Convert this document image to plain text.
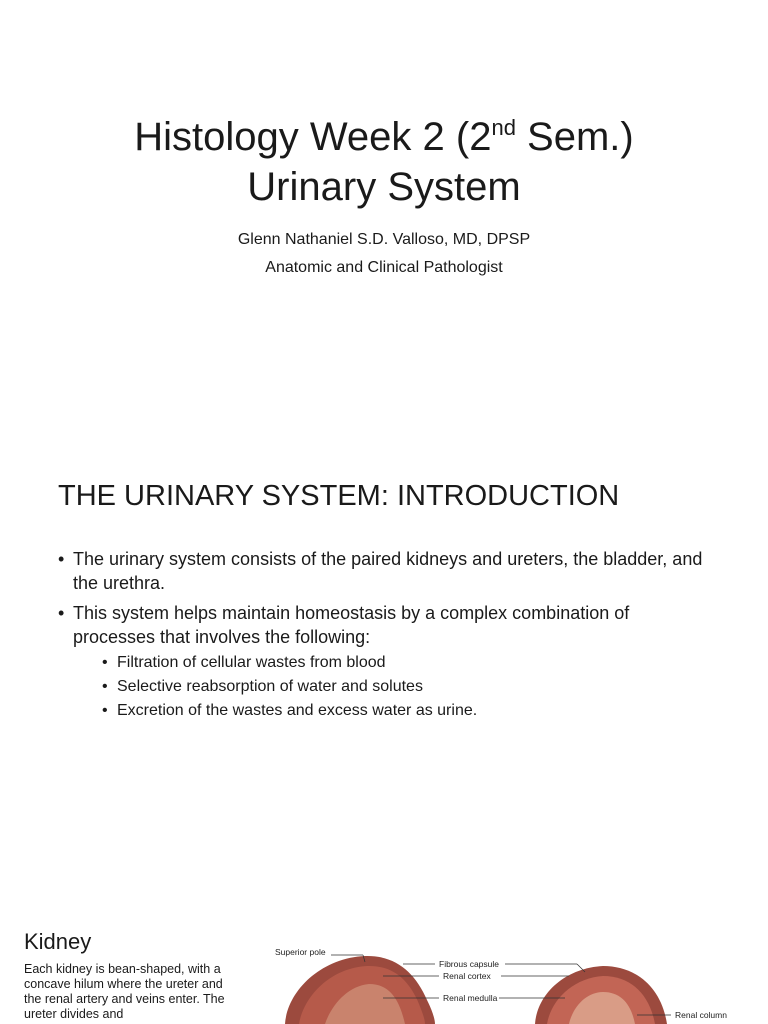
Histology Week 2 (2nd Sem.)
Urinary System
Glenn Nathaniel S.D. Valloso, MD, DPSP
Anatomic and Clinical Pathologist
THE URINARY SYSTEM: INTRODUCTION
• The urinary system consists of the paired kidneys and ureters, the bladder, and the urethra.
• This system helps maintain homeostasis by a complex combination of processes that involves the following:
• Filtration of cellular wastes from blood
• Selective reabsorption of water and solutes
• Excretion of the wastes and excess water as urine.
Kidney

Each kidney is bean-shaped, with a concave hilum where the ureter and the renal artery and veins enter. The ureter divides and

Superior pole
Fibrous capsule
Renal cortex
Renal medulla
Renal column
